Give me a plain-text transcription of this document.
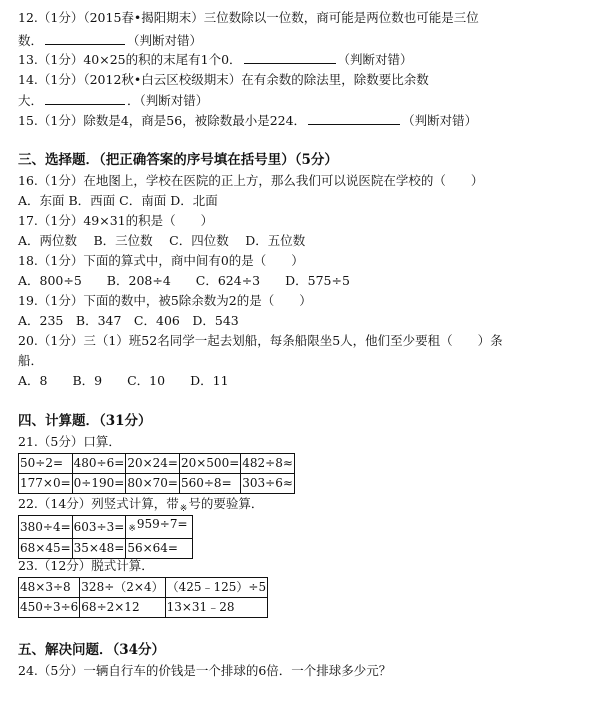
12.（1分）（2015春•揭阳期末）三位数除以一位数，商可能是两位数也可能是三位
数．	（判断对错）
13.（1分）40×25的积的末尾有1个0．	（判断对错）
14.（1分）（2012秋•白云区校级期末）在有余数的除法里，除数要比余数
大．	．（判断对错）
15.（1分）除数是4，商是56，被除数最小是224．	（判断对错）
三、选择题．（把正确答案的序号填在括号里）（5分）
16.（1分）在地图上，学校在医院的正上方，那么我们可以说医院在学校的（　　）
A．东面 B．西面 C．南面 D．北面
17.（1分）49×31的积是（　　）
A．两位数　 B．三位数　 C．四位数　 D．五位数
18.（1分）下面的算式中，商中间有0的是（　　）
A．800÷5　　B．208÷4　　C．624÷3　　D．575÷5
19.（1分）下面的数中，被5除余数为2的是（　　）
A．235　B．347　C．406　D．543
20.（1分）三（1）班52名同学一起去划船，每条船限坐5人，他们至少要租（　　）条
船．
A．8　　B．9　　C．10　　D．11
四、计算题．（31分）
21.（5分）口算．
50÷2=	480÷6=	20×24=	20×500=	482÷8≈
177×0=	0÷190=	80×70=	560÷8=	303÷6≈
22.（14分）列竖式计算，带$_※$号的要验算．
380÷4=	603÷3=	$_※$959÷7=
68×45=	35×48=	56×64=
23.（12分）脱式计算．
48×3÷8	328÷（2×4）	（425﹣125）÷5
450÷3÷6	68÷2×12	13×31﹣28
五、解决问题．（34分）
24.（5分）一辆自行车的价钱是一个排球的6倍．一个排球多少元？
